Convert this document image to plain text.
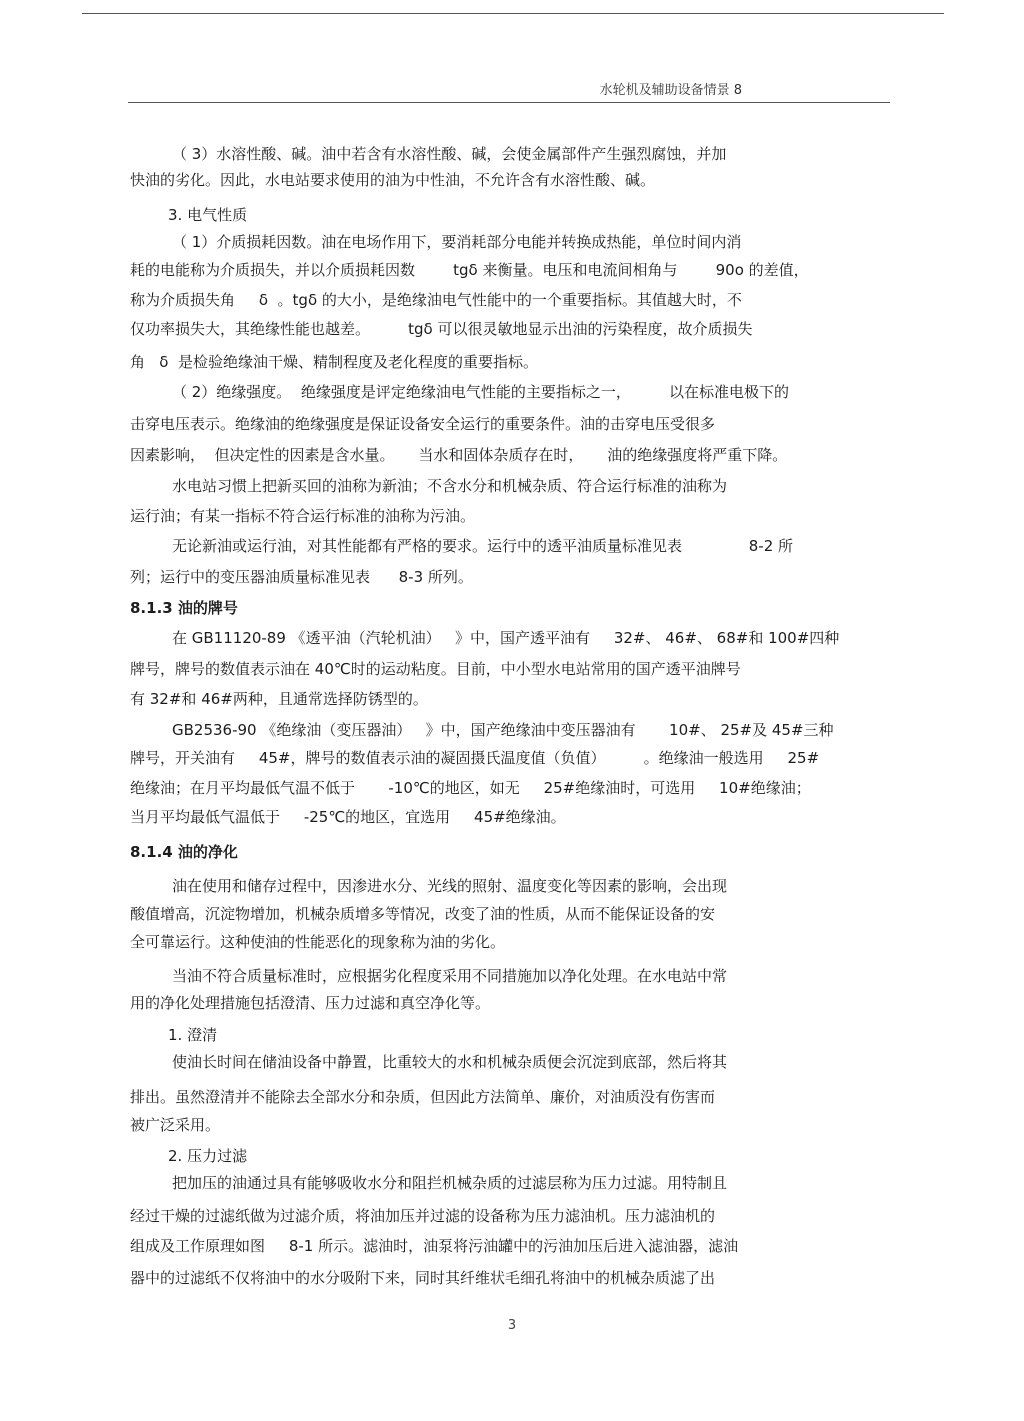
水轮机及辅助设备情景 8
（ 3）水溶性酸、碱。油中若含有水溶性酸、碱，会使金属部件产生强烈腐蚀，并加
快油的劣化。因此，水电站要求使用的油为中性油，不允许含有水溶性酸、碱。
3. 电气性质
（ 1）介质损耗因数。油在电场作用下，要消耗部分电能并转换成热能，单位时间内消
耗的电能称为介质损失，并以介质损耗因数        tgδ 来衡量。电压和电流间相角与        90o 的差值，
称为介质损失角     δ  。tgδ 的大小，是绝缘油电气性能中的一个重要指标。其值越大时，不
仅功率损失大，其绝缘性能也越差。        tgδ 可以很灵敏地显示出油的污染程度，故介质损失
角   δ  是检验绝缘油干燥、精制程度及老化程度的重要指标。
（ 2）绝缘强度。  绝缘强度是评定绝缘油电气性能的主要指标之一，        以在标准电极下的
击穿电压表示。绝缘油的绝缘强度是保证设备安全运行的重要条件。油的击穿电压受很多
因素影响，  但决定性的因素是含水量。     当水和固体杂质存在时，     油的绝缘强度将严重下降。
水电站习惯上把新买回的油称为新油；不含水分和机械杂质、符合运行标准的油称为
运行油；有某一指标不符合运行标准的油称为污油。
无论新油或运行油，对其性能都有严格的要求。运行中的透平油质量标准见表              8-2 所
列；运行中的变压器油质量标准见表      8-3 所列。
8.1.3 油的牌号
在 GB11120-89 《透平油（汽轮机油）   》中，国产透平油有     32#、 46#、 68#和 100#四种
牌号，牌号的数值表示油在 40℃时的运动粘度。目前，中小型水电站常用的国产透平油牌号
有 32#和 46#两种，且通常选择防锈型的。
GB2536-90 《绝缘油（变压器油）   》中，国产绝缘油中变压器油有       10#、 25#及 45#三种
牌号，开关油有     45#，牌号的数值表示油的凝固摄氏温度值（负值）        。绝缘油一般选用     25#
绝缘油；在月平均最低气温不低于       -10℃的地区，如无     25#绝缘油时，可选用     10#绝缘油；
当月平均最低气温低于     -25℃的地区，宜选用     45#绝缘油。
8.1.4 油的净化
油在使用和储存过程中，因渗进水分、光线的照射、温度变化等因素的影响，会出现
酸值增高，沉淀物增加，机械杂质增多等情况，改变了油的性质，从而不能保证设备的安
全可靠运行。这种使油的性能恶化的现象称为油的劣化。
当油不符合质量标准时，应根据劣化程度采用不同措施加以净化处理。在水电站中常
用的净化处理措施包括澄清、压力过滤和真空净化等。
1. 澄清
使油长时间在储油设备中静置，比重较大的水和机械杂质便会沉淀到底部，然后将其
排出。虽然澄清并不能除去全部水分和杂质，但因此方法简单、廉价，对油质没有伤害而
被广泛采用。
2. 压力过滤
把加压的油通过具有能够吸收水分和阻拦机械杂质的过滤层称为压力过滤。用特制且
经过干燥的过滤纸做为过滤介质，将油加压并过滤的设备称为压力滤油机。压力滤油机的
组成及工作原理如图     8-1 所示。滤油时，油泵将污油罐中的污油加压后进入滤油器，滤油
器中的过滤纸不仅将油中的水分吸附下来，同时其纤维状毛细孔将油中的机械杂质滤了出
3
